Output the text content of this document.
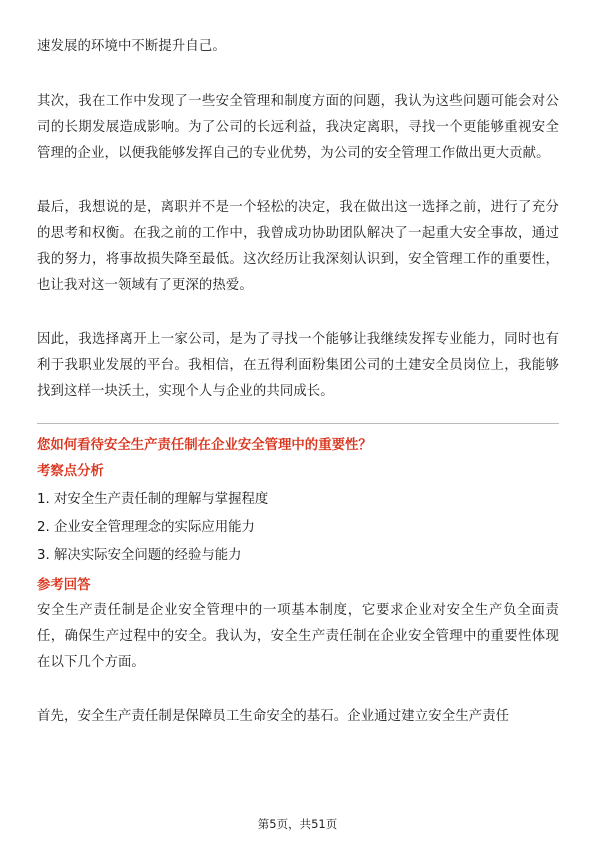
速发展的环境中不断提升自己。

其次，我在工作中发现了一些安全管理和制度方面的问题，我认为这些问题可能会对公司的长期发展造成影响。为了公司的长远利益，我决定离职，寻找一个更能够重视安全管理的企业，以便我能够发挥自己的专业优势，为公司的安全管理工作做出更大贡献。

最后，我想说的是，离职并不是一个轻松的决定，我在做出这一选择之前，进行了充分的思考和权衡。在我之前的工作中，我曾成功协助团队解决了一起重大安全事故，通过我的努力，将事故损失降至最低。这次经历让我深刻认识到，安全管理工作的重要性，也让我对这一领域有了更深的热爱。

因此，我选择离开上一家公司，是为了寻找一个能够让我继续发挥专业能力，同时也有利于我职业发展的平台。我相信，在五得利面粉集团公司的土建安全员岗位上，我能够找到这样一块沃土，实现个人与企业的共同成长。

您如何看待安全生产责任制在企业安全管理中的重要性？

考察点分析

1. 对安全生产责任制的理解与掌握程度
2. 企业安全管理理念的实际应用能力
3. 解决实际安全问题的经验与能力

参考回答

安全生产责任制是企业安全管理中的一项基本制度，它要求企业对安全生产负全面责任，确保生产过程中的安全。我认为，安全生产责任制在企业安全管理中的重要性体现在以下几个方面。

首先，安全生产责任制是保障员工生命安全的基石。企业通过建立安全生产责任

第5页，共51页
